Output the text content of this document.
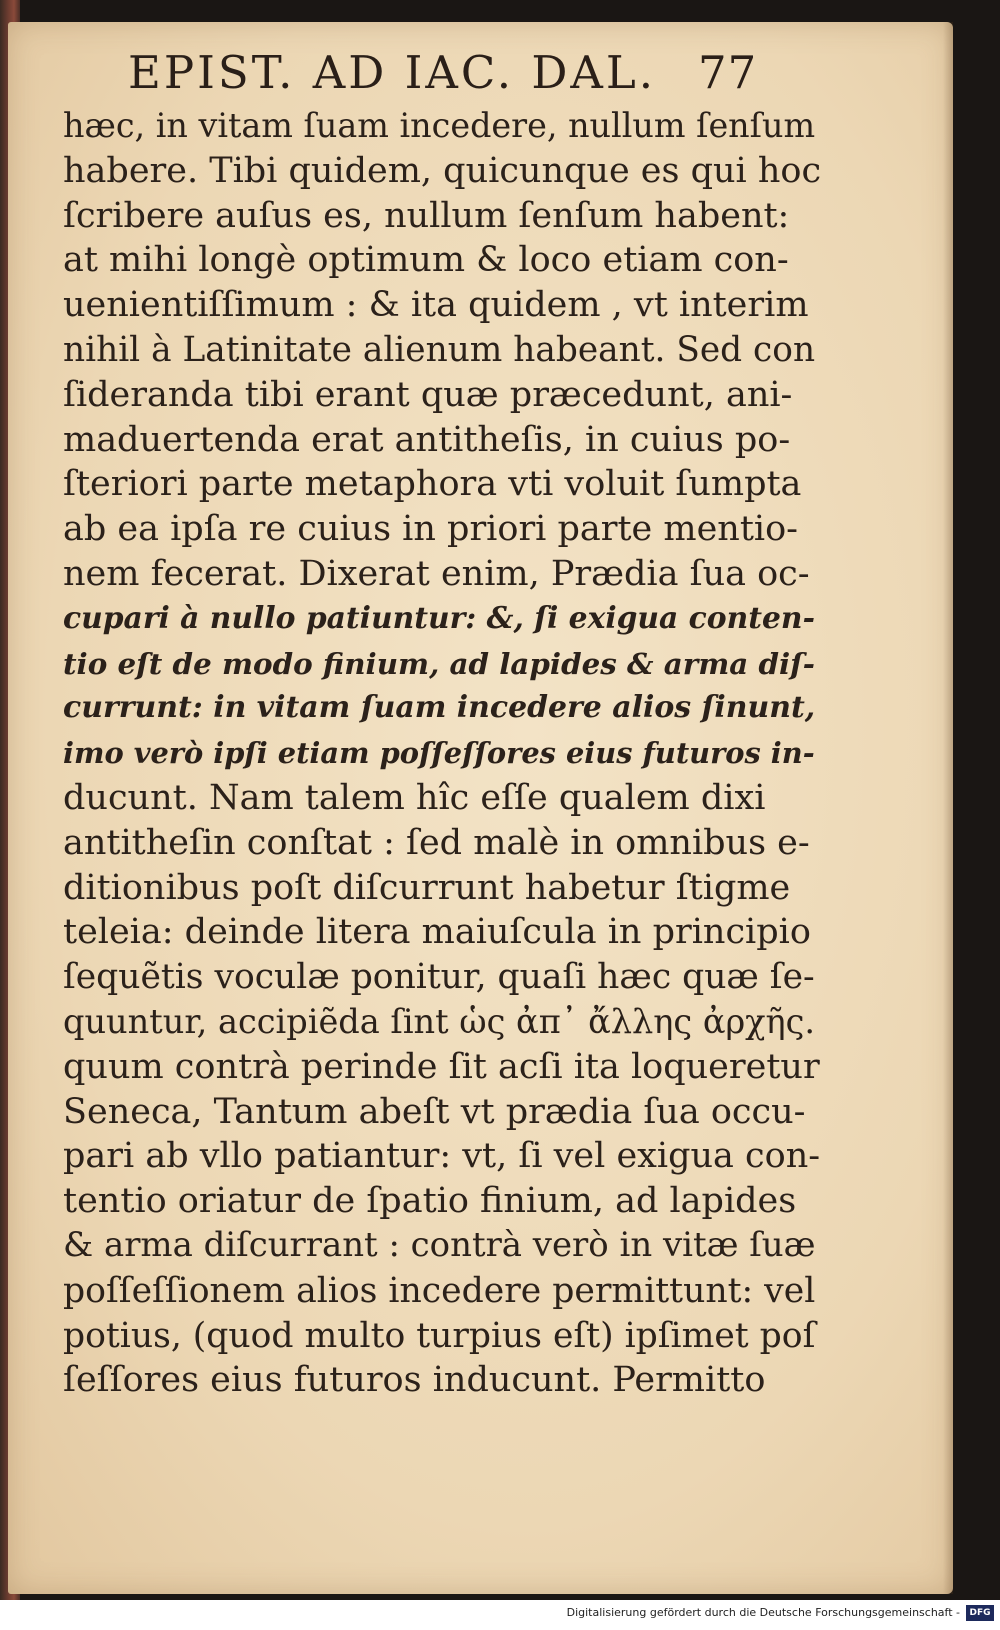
EPIST. AD IAC. DAL. 77
hæc, in vitam ſuam incedere, nullum ſenſum
habere. Tibi quidem, quicunque es qui hoc
ſcribere auſus es, nullum ſenſum habent:
at mihi longè optimum & loco etiam con-
uenientiſſimum : & ita quidem , vt interim
nihil à Latinitate alienum habeant. Sed con
ſideranda tibi erant quæ præcedunt, ani-
maduertenda erat antitheſis, in cuius po-
ſteriori parte metaphora vti voluit ſumpta
ab ea ipſa re cuius in priori parte mentio-
nem fecerat. Dixerat enim, Prædia ſua oc-
cupari à nullo patiuntur: &, ſi exigua conten-
tio eſt de modo finium, ad lapides & arma diſ-
currunt: in vitam ſuam incedere alios ſinunt,
imo verò ipſi etiam poſſeſſores eius futuros in-
ducunt. Nam talem hîc eſſe qualem dixi
antitheſin conſtat : ſed malè in omnibus e-
ditionibus poſt diſcurrunt habetur ſtigme
teleia: deinde litera maiuſcula in principio
ſequẽtis voculæ ponitur, quaſi hæc quæ ſe-
quuntur, accipiẽda ſint ὡς ἀπ᾽ ἄλλης ἀρχῆς.
quum contrà perinde ſit acſi ita loqueretur
Seneca, Tantum abeſt vt prædia ſua occu-
pari ab vllo patiantur: vt, ſi vel exigua con-
tentio oriatur de ſpatio finium, ad lapides
& arma diſcurrant : contrà verò in vitæ ſuæ
poſſeſſionem alios incedere permittunt: vel
potius, (quod multo turpius eſt) ipſimet poſ
ſeſſores eius futuros inducunt. Permitto
Digitalisierung gefördert durch die Deutsche Forschungsgemeinschaft -	DFG
